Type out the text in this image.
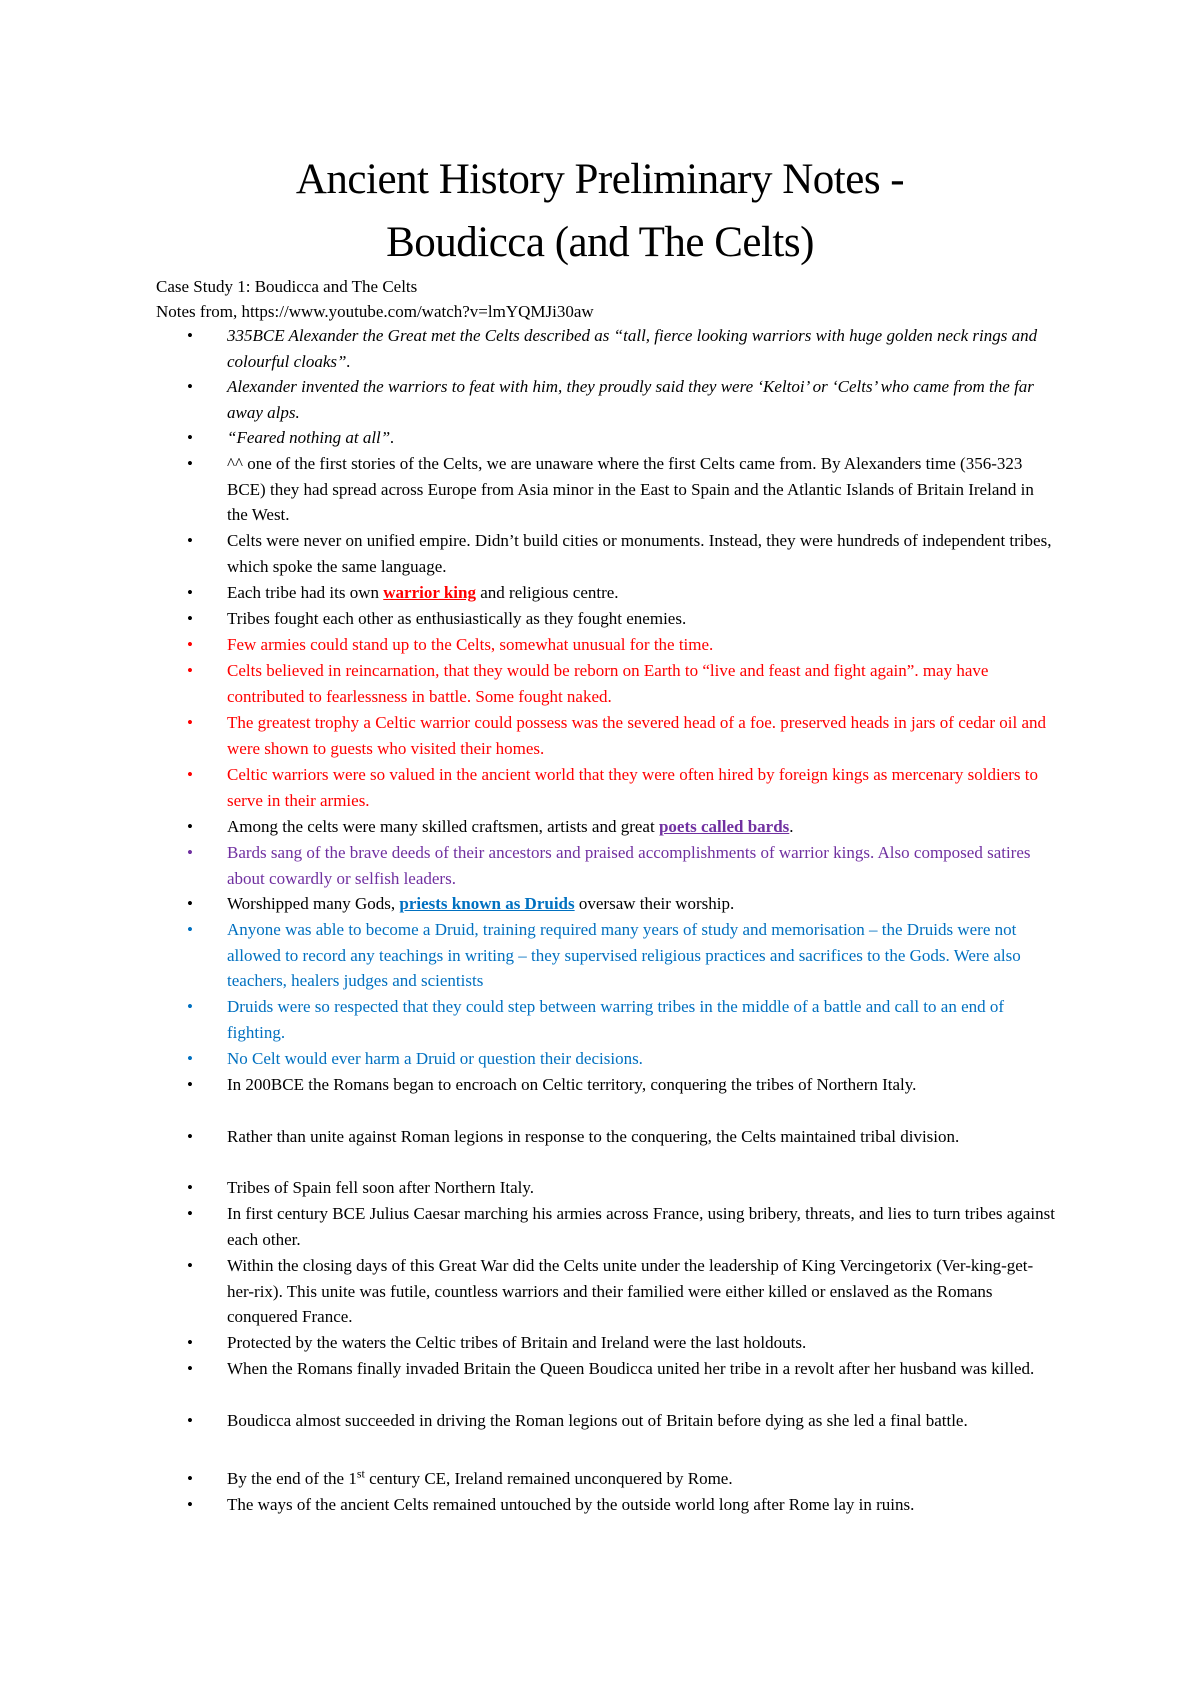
Ancient History Preliminary Notes -
Boudicca (and The Celts)
Case Study 1: Boudicca and The Celts
Notes from, https://www.youtube.com/watch?v=lmYQMJi30aw
• 335BCE Alexander the Great met the Celts described as “tall, fierce looking warriors with huge golden neck rings and colourful cloaks”.

• Alexander invented the warriors to feat with him, they proudly said they were ‘Keltoi’ or ‘Celts’ who came from the far away alps.

• “Feared nothing at all”.

• ^^ one of the first stories of the Celts, we are unaware where the first Celts came from. By Alexanders time (356-323 BCE) they had spread across Europe from Asia minor in the East to Spain and the Atlantic Islands of Britain Ireland in the West.

• Celts were never on unified empire. Didn’t build cities or monuments. Instead, they were hundreds of independent tribes, which spoke the same language.

• Each tribe had its own warrior king and religious centre.

• Tribes fought each other as enthusiastically as they fought enemies.

• Few armies could stand up to the Celts, somewhat unusual for the time.

• Celts believed in reincarnation, that they would be reborn on Earth to “live and feast and fight again”. may have contributed to fearlessness in battle. Some fought naked.

• The greatest trophy a Celtic warrior could possess was the severed head of a foe. preserved heads in jars of cedar oil and were shown to guests who visited their homes.

• Celtic warriors were so valued in the ancient world that they were often hired by foreign kings as mercenary soldiers to serve in their armies.

• Among the celts were many skilled craftsmen, artists and great poets called bards.

• Bards sang of the brave deeds of their ancestors and praised accomplishments of warrior kings. Also composed satires about cowardly or selfish leaders.

• Worshipped many Gods, priests known as Druids oversaw their worship.

• Anyone was able to become a Druid, training required many years of study and memorisation – the Druids were not allowed to record any teachings in writing – they supervised religious practices and sacrifices to the Gods. Were also teachers, healers judges and scientists

• Druids were so respected that they could step between warring tribes in the middle of a battle and call to an end of fighting.

• No Celt would ever harm a Druid or question their decisions.

• In 200BCE the Romans began to encroach on Celtic territory, conquering the tribes of Northern Italy.

• Rather than unite against Roman legions in response to the conquering, the Celts maintained tribal division.

• Tribes of Spain fell soon after Northern Italy.

• In first century BCE Julius Caesar marching his armies across France, using bribery, threats, and lies to turn tribes against each other.

• Within the closing days of this Great War did the Celts unite under the leadership of King Vercingetorix (Ver-king-get-her-rix). This unite was futile, countless warriors and their familied were either killed or enslaved as the Romans conquered France.

• Protected by the waters the Celtic tribes of Britain and Ireland were the last holdouts.

• When the Romans finally invaded Britain the Queen Boudicca united her tribe in a revolt after her husband was killed.

• Boudicca almost succeeded in driving the Roman legions out of Britain before dying as she led a final battle.

• By the end of the 1st century CE, Ireland remained unconquered by Rome.

• The ways of the ancient Celts remained untouched by the outside world long after Rome lay in ruins.
